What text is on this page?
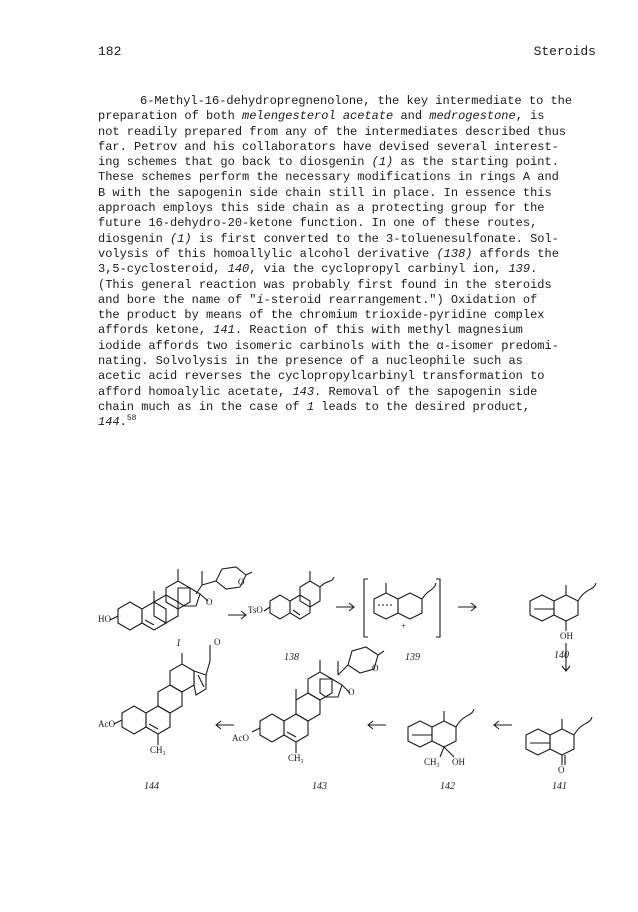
182	Steroids
6-Methyl-16-dehydropregnenolone, the key intermediate to the
preparation of both melengesterol acetate and medrogestone, is
not readily prepared from any of the intermediates described thus
far. Petrov and his collaborators have devised several interest-
ing schemes that go back to diosgenin (1) as the starting point.
These schemes perform the necessary modifications in rings A and
B with the sapogenin side chain still in place. In essence this
approach employs this side chain as a protecting group for the
future 16-dehydro-20-ketone function. In one of these routes,
diosgenin (1) is first converted to the 3-toluenesulfonate. Sol-
volysis of this homoallylic alcohol derivative (138) affords the
3,5-cyclosteroid, 140, via the cyclopropyl carbinyl ion, 139.
(This general reaction was probably first found in the steroids
and bore the name of "i-steroid rearrangement.") Oxidation of
the product by means of the chromium trioxide-pyridine complex
affords ketone, 141. Reaction of this with methyl magnesium
iodide affords two isomeric carbinols with the α-isomer predomi-
nating. Solvolysis in the presence of a nucleophile such as
acetic acid reverses the cyclopropylcarbinyl transformation to
afford homoalylic acetate, 143. Removal of the sapogenin side
chain much as in the case of 1 leads to the desired product,
144.58
HO
TsO
+
OH
O
CH₃ OH
AcO
CH₃
AcO
CH₃
O
O
O
O
O
1
138	139	140
141
142
143
144
